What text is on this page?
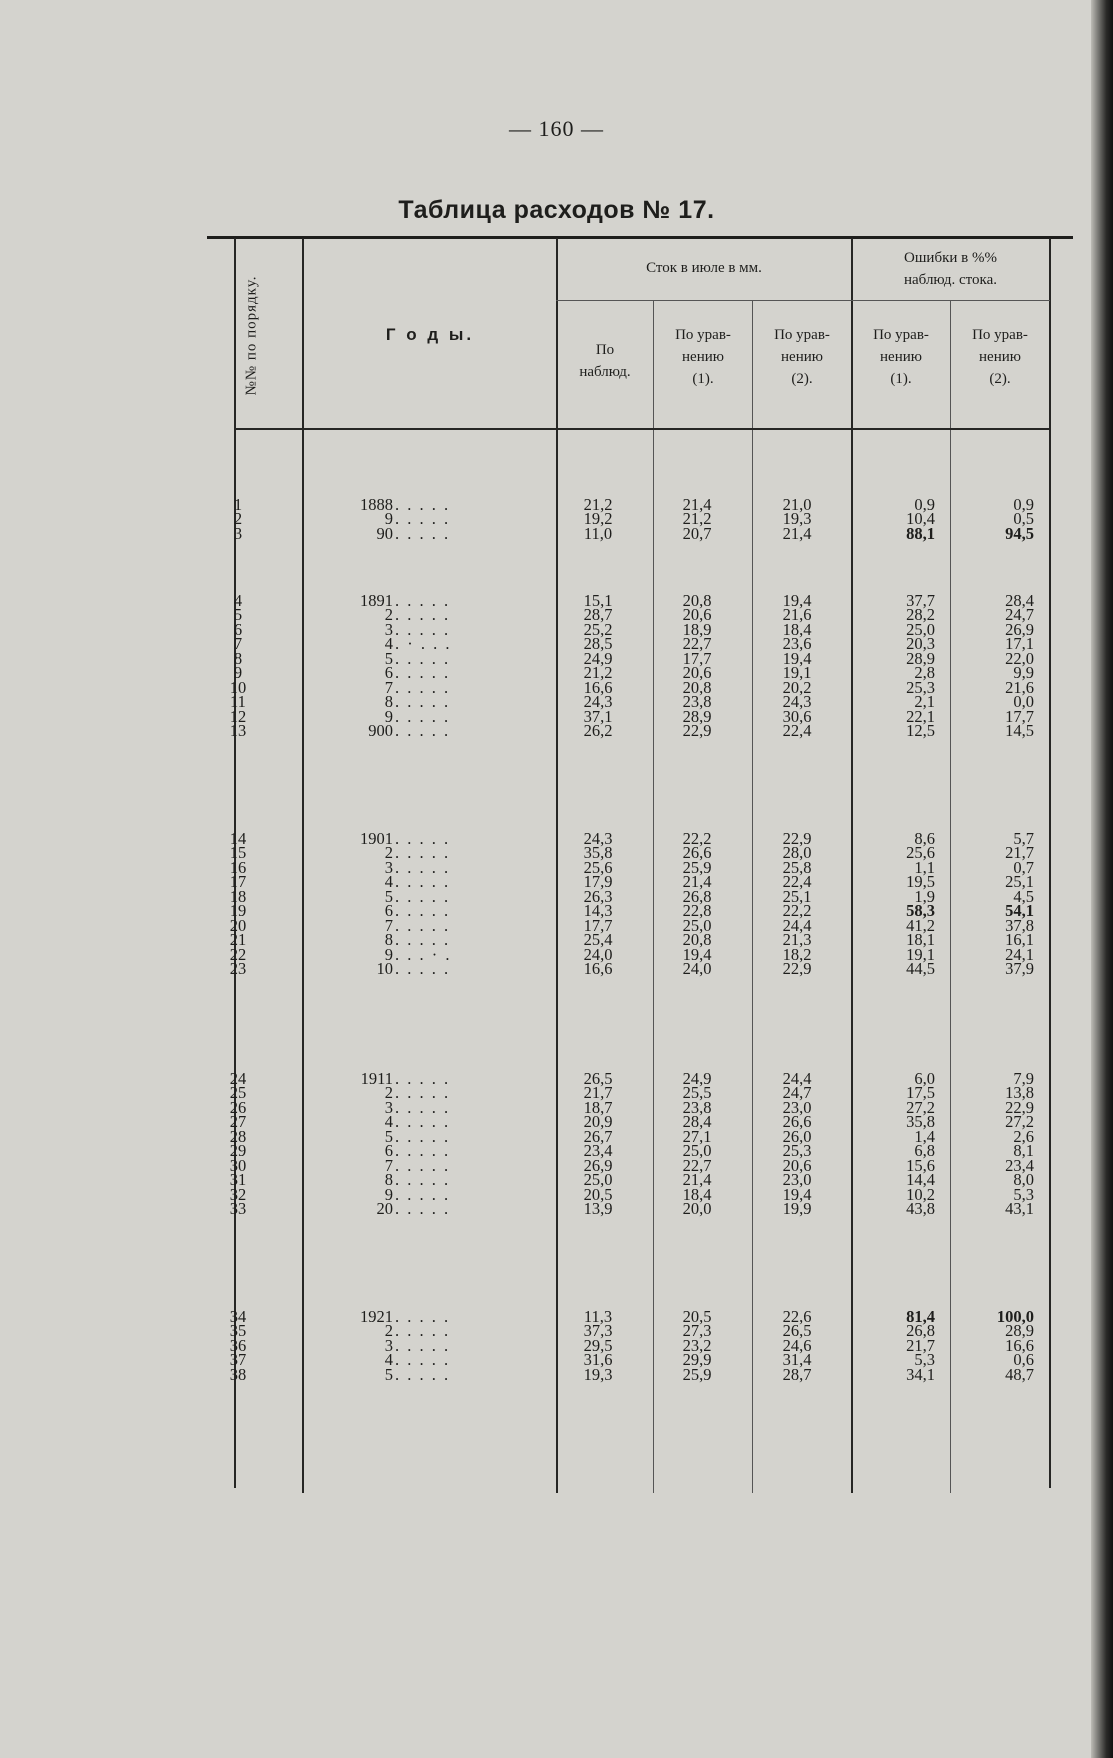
— 160 —
Таблица расходов № 17.
№№ по порядку.	Г о д ы.
Сток в июле в мм.
Ошибки в %%
наблюд. стока.
По
наблюд.
По урав-
нению
(1).
По урав-
нению
(2).
По урав-
нению
(1).
По урав-
нению
(2).
1	1888 . . . . .	21,2	21,4	21,0	0,9	0,9
2	9 . . . . .	19,2	21,2	19,3	10,4	0,5
3	90 . . . . .	11,0	20,7	21,4	88,1	94,5
4	1891 . . . . .	15,1	20,8	19,4	37,7	28,4
5	2 . . . . .	28,7	20,6	21,6	28,2	24,7
6	3 . . . . .	25,2	18,9	18,4	25,0	26,9
7	4 . · . . .	28,5	22,7	23,6	20,3	17,1
8	5 . . . . .	24,9	17,7	19,4	28,9	22,0
9	6 . . . . .	21,2	20,6	19,1	2,8	9,9
10	7 . . . . .	16,6	20,8	20,2	25,3	21,6
11	8 . . . . .	24,3	23,8	24,3	2,1	0,0
12	9 . . . . .	37,1	28,9	30,6	22,1	17,7
13	900 . . . . .	26,2	22,9	22,4	12,5	14,5
14	1901 . . . . .	24,3	22,2	22,9	8,6	5,7
15	2 . . . . .	35,8	26,6	28,0	25,6	21,7
16	3 . . . . .	25,6	25,9	25,8	1,1	0,7
17	4 . . . . .	17,9	21,4	22,4	19,5	25,1
18	5 . . . . .	26,3	26,8	25,1	1,9	4,5
19	6 . . . . .	14,3	22,8	22,2	58,3	54,1
20	7 . . . . .	17,7	25,0	24,4	41,2	37,8
21	8 . . . . .	25,4	20,8	21,3	18,1	16,1
22	9 . . . · .	24,0	19,4	18,2	19,1	24,1
23	10 . . . . .	16,6	24,0	22,9	44,5	37,9
24	1911 . . . . .	26,5	24,9	24,4	6,0	7,9
25	2 . . . . .	21,7	25,5	24,7	17,5	13,8
26	3 . . . . .	18,7	23,8	23,0	27,2	22,9
27	4 . . . . .	20,9	28,4	26,6	35,8	27,2
28	5 . . . . .	26,7	27,1	26,0	1,4	2,6
29	6 . . . . .	23,4	25,0	25,3	6,8	8,1
30	7 . . . . .	26,9	22,7	20,6	15,6	23,4
31	8 . . . . .	25,0	21,4	23,0	14,4	8,0
32	9 . . . . .	20,5	18,4	19,4	10,2	5,3
33	20 . . . . .	13,9	20,0	19,9	43,8	43,1
34	1921 . . . . .	11,3	20,5	22,6	81,4	100,0
35	2 . . . . .	37,3	27,3	26,5	26,8	28,9
36	3 . . . . .	29,5	23,2	24,6	21,7	16,6
37	4 . . . . .	31,6	29,9	31,4	5,3	0,6
38	5 . . . . .	19,3	25,9	28,7	34,1	48,7
